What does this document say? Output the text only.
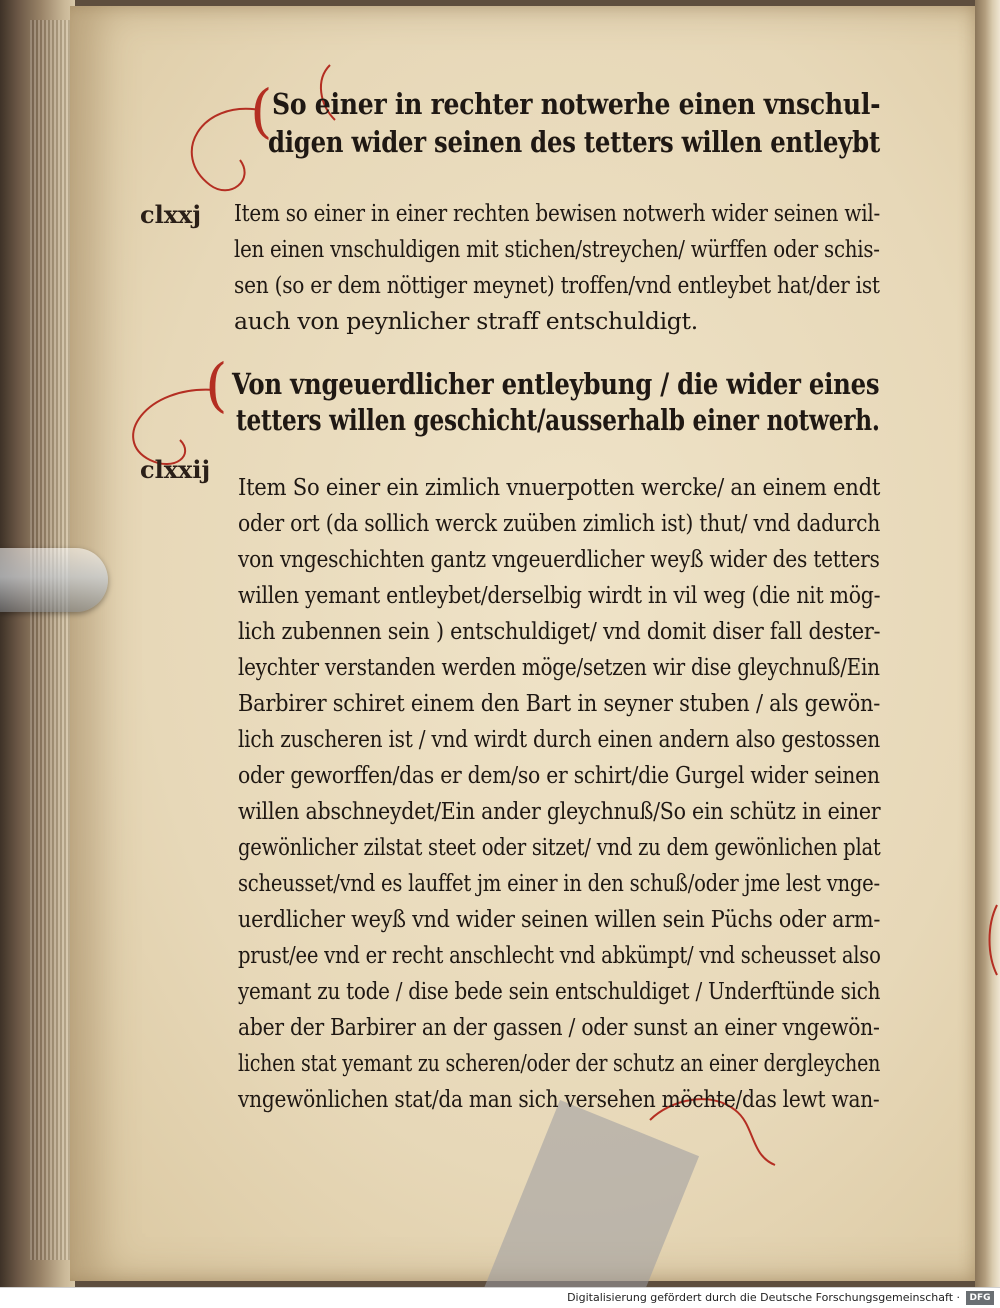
(
(
So einer in rechter notwerhe einen vnschul-
digen wider seinen des tetters willen entleybt
clxxj Item so einer in einer rechten bewisen notwerh wider seinen wil-
len einen vnschuldigen mit stichen/streychen/ würffen oder schis-
sen (so er dem nöttiger meynet) troffen/vnd entleybet hat/der ist
auch von peynlicher straff entschuldigt.
Von vngeuerdlicher entleybung / die wider eines
tetters willen geschicht/ausserhalb einer notwerh.
clxxij
Item So einer ein zimlich vnuerpotten wercke/ an einem endt
oder ort (da sollich werck zuüben zimlich ist) thut/ vnd dadurch
von vngeschichten gantz vngeuerdlicher weyß wider des tetters
willen yemant entleybet/derselbig wirdt in vil weg (die nit mög-
lich zubennen sein ) entschuldiget/ vnd domit diser fall dester-
leychter verstanden werden möge/setzen wir dise gleychnuß/Ein
Barbirer schiret einem den Bart in seyner stuben / als gewön-
lich zuscheren ist / vnd wirdt durch einen andern also gestossen
oder geworffen/das er dem/so er schirt/die Gurgel wider seinen
willen abschneydet/Ein ander gleychnuß/So ein schütz in einer
gewönlicher zilstat steet oder sitzet/ vnd zu dem gewönlichen plat
scheusset/vnd es lauffet jm einer in den schuß/oder jme lest vnge-
uerdlicher weyß vnd wider seinen willen sein Püchs oder arm-
prust/ee vnd er recht anschlecht vnd abkümpt/ vnd scheusset also
yemant zu tode / dise bede sein entschuldiget / Underftünde sich
aber der Barbirer an der gassen / oder sunst an einer vngewön-
lichen stat yemant zu scheren/oder der schutz an einer dergleychen
vngewönlichen stat/da man sich versehen möchte/das lewt wan-
Digitalisierung gefördert durch die Deutsche Forschungsgemeinschaft ·	DFG
